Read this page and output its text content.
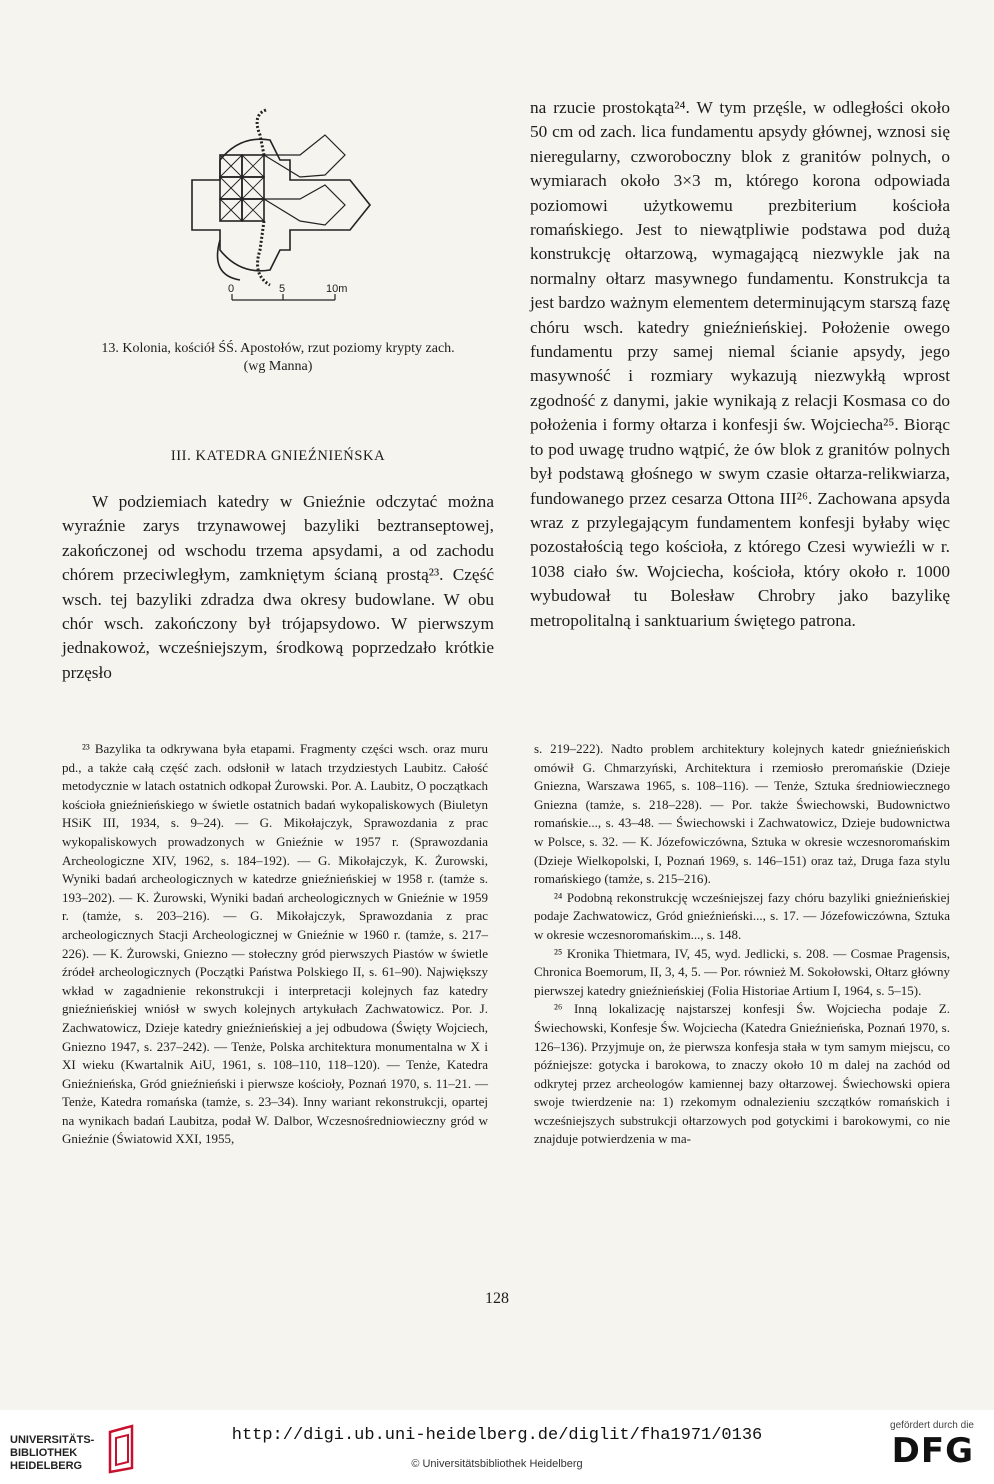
0	5	10m
13. Kolonia, kościół ŚŚ. Apostołów, rzut poziomy krypty zach.
(wg Manna)
III. KATEDRA GNIEŹNIEŃSKA

W podziemiach katedry w Gnieźnie odczytać można wyraźnie zarys trzynawowej bazyliki beztranseptowej, zakończonej od wschodu trzema apsydami, a od zachodu chórem przeciwległym, zamkniętym ścianą prostą²³. Część wsch. tej bazyliki zdradza dwa okresy budowlane. W obu chór wsch. zakończony był trójapsydowo. W pierwszym jednakowoż, wcześniejszym, środkową poprzedzało krótkie przęsło

na rzucie prostokąta²⁴. W tym przęśle, w odległości około 50 cm od zach. lica fundamentu apsydy głównej, wznosi się nieregularny, czworoboczny blok z granitów polnych, o wymiarach około 3×3 m, którego korona odpowiada poziomowi użytkowemu prezbiterium kościoła romańskiego. Jest to niewątpliwie podstawa pod dużą konstrukcję ołtarzową, wymagającą niezwykle jak na normalny ołtarz masywnego fundamentu. Konstrukcja ta jest bardzo ważnym elementem determinującym starszą fazę chóru wsch. katedry gnieźnieńskiej. Położenie owego fundamentu przy samej niemal ścianie apsydy, jego masywność i rozmiary wykazują niezwykłą wprost zgodność z danymi, jakie wynikają z relacji Kosmasa co do położenia i formy ołtarza i konfesji św. Wojciecha²⁵. Biorąc to pod uwagę trudno wątpić, że ów blok z granitów polnych był podstawą głośnego w swym czasie ołtarza-relikwiarza, fundowanego przez cesarza Ottona III²⁶. Zachowana apsyda wraz z przylegającym fundamentem konfesji byłaby więc pozostałością tego kościoła, z którego Czesi wywieźli w r. 1038 ciało św. Wojciecha, kościoła, który około r. 1000 wybudował tu Bolesław Chrobry jako bazylikę metropolitalną i sanktuarium świętego patrona.

²³ Bazylika ta odkrywana była etapami. Fragmenty części wsch. oraz muru pd., a także całą część zach. odsłonił w latach trzydziestych Laubitz. Całość metodycznie w latach ostatnich odkopał Żurowski. Por. A. Laubitz, O początkach kościoła gnieźnieńskiego w świetle ostatnich badań wykopaliskowych (Biuletyn HSiK III, 1934, s. 9–24). — G. Mikołajczyk, Sprawozdania z prac wykopaliskowych prowadzonych w Gnieźnie w 1957 r. (Sprawozdania Archeologiczne XIV, 1962, s. 184–192). — G. Mikołajczyk, K. Żurowski, Wyniki badań archeologicznych w katedrze gnieźnieńskiej w 1958 r. (tamże s. 193–202). — K. Żurowski, Wyniki badań archeologicznych w Gnieźnie w 1959 r. (tamże, s. 203–216). — G. Mikołajczyk, Sprawozdania z prac archeologicznych Stacji Archeologicznej w Gnieźnie w 1960 r. (tamże, s. 217–226). — K. Żurowski, Gniezno — stołeczny gród pierwszych Piastów w świetle źródeł archeologicznych (Początki Państwa Polskiego II, s. 61–90). Największy wkład w zagadnienie rekonstrukcji i interpretacji kolejnych faz katedry gnieźnieńskiej wniósł w swych kolejnych artykułach Zachwatowicz. Por. J. Zachwatowicz, Dzieje katedry gnieźnieńskiej a jej odbudowa (Święty Wojciech, Gniezno 1947, s. 237–242). — Tenże, Polska architektura monumentalna w X i XI wieku (Kwartalnik AiU, 1961, s. 108–110, 118–120). — Tenże, Katedra Gnieźnieńska, Gród gnieźnieński i pierwsze kościoły, Poznań 1970, s. 11–21. — Tenże, Katedra romańska (tamże, s. 23–34). Inny wariant rekonstrukcji, opartej na wynikach badań Laubitza, podał W. Dalbor, Wczesnośredniowieczny gród w Gnieźnie (Światowid XXI, 1955,

s. 219–222). Nadto problem architektury kolejnych katedr gnieźnieńskich omówił G. Chmarzyński, Architektura i rzemiosło preromańskie (Dzieje Gniezna, Warszawa 1965, s. 108–116). — Tenże, Sztuka średniowiecznego Gniezna (tamże, s. 218–228). — Por. także Świechowski, Budownictwo romańskie..., s. 43–48. — Świechowski i Zachwatowicz, Dzieje budownictwa w Polsce, s. 32. — K. Józefowiczówna, Sztuka w okresie wczesnoromańskim (Dzieje Wielkopolski, I, Poznań 1969, s. 146–151) oraz taż, Druga faza stylu romańskiego (tamże, s. 215–216).

²⁴ Podobną rekonstrukcję wcześniejszej fazy chóru bazyliki gnieźnieńskiej podaje Zachwatowicz, Gród gnieźnieński..., s. 17. — Józefowiczówna, Sztuka w okresie wczesnoromańskim..., s. 148.

²⁵ Kronika Thietmara, IV, 45, wyd. Jedlicki, s. 208. — Cosmae Pragensis, Chronica Boemorum, II, 3, 4, 5. — Por. również M. Sokołowski, Ołtarz główny pierwszej katedry gnieźnieńskiej (Folia Historiae Artium I, 1964, s. 5–15).

²⁶ Inną lokalizację najstarszej konfesji Św. Wojciecha podaje Z. Świechowski, Konfesje Św. Wojciecha (Katedra Gnieźnieńska, Poznań 1970, s. 126–136). Przyjmuje on, że pierwsza konfesja stała w tym samym miejscu, co późniejsze: gotycka i barokowa, to znaczy około 10 m dalej na zachód od odkrytej przez archeologów kamiennej bazy ołtarzowej. Świechowski opiera swoje twierdzenie na: 1) rzekomym odnalezieniu szczątków romańskich i wcześniejszych substrukcji ołtarzowych pod gotyckimi i barokowymi, co nie znajduje potwierdzenia w ma-

128
UNIVERSITÄTS-
BIBLIOTHEK
HEIDELBERG
http://digi.ub.uni-heidelberg.de/diglit/fha1971/0136
© Universitätsbibliothek Heidelberg
gefördert durch die
DFG
